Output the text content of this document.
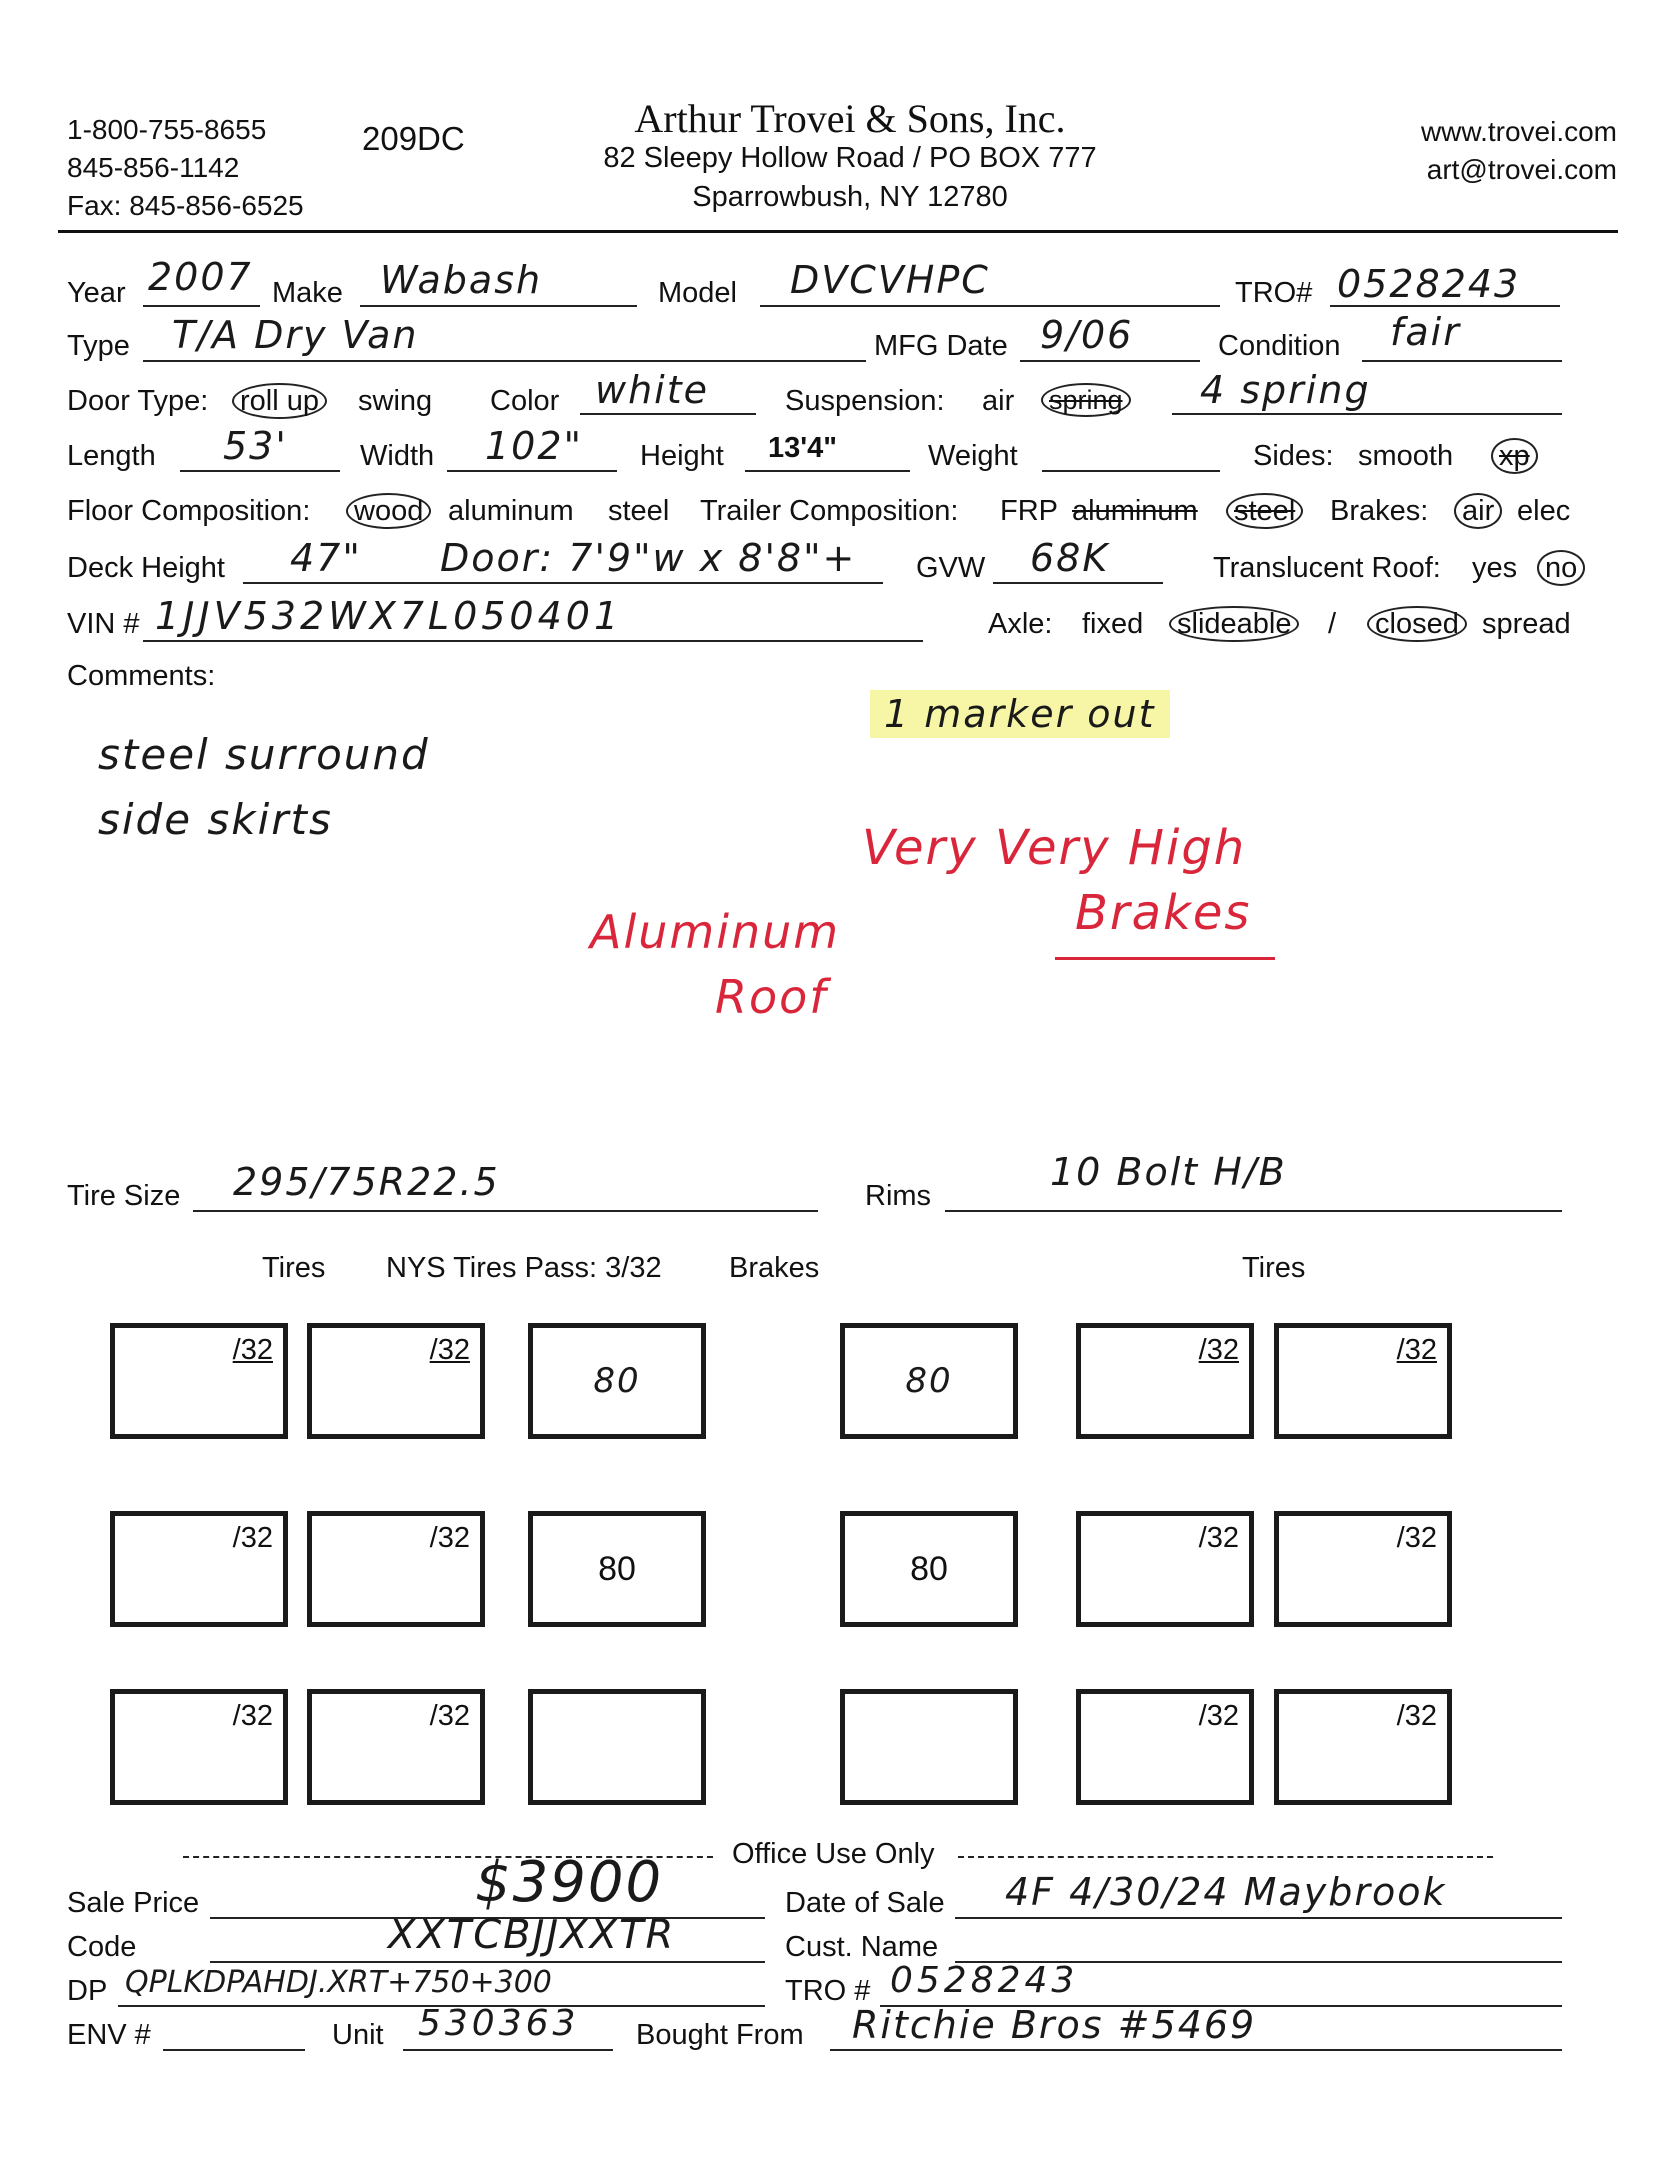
1-800-755-8655
845-856-1142
Fax: 845-856-6525
209DC	Arthur Trovei & Sons, Inc.
82 Sleepy Hollow Road / PO BOX 777
Sparrowbush, NY 12780
www.trovei.com
art@trovei.com
Year 2007 Make Wabash	Model DVCVHPC	TRO# 0528243
Type T/A Dry Van	MFG Date 9/06	Condition fair
Door Type: roll up swing Color white	Suspension: air spring 4 spring
Length 53' Width 102" Height 13'4"	Weight	Sides: smooth xp
Floor Composition: wood aluminum steel Trailer Composition: FRP aluminum steel Brakes: air elec
Deck Height 47" Door: 7'9"w x 8'8"+ GVW 68K	Translucent Roof: yes no
VIN # 1JJV532WX7L050401	Axle: fixed slideable / closed spread
Comments:
steel surround
side skirts
1 marker out
Very Very High
Brakes
Aluminum
Roof
Tire Size 295/75R22.5	Rims
10 Bolt H/B
Tires NYS Tires Pass: 3/32 Brakes	Tires
/32	/32
80	80
/32	/32
/32	/32
80	80
/32	/32
/32	/32	/32	/32
Office Use Only
Sale Price	$3900	Date of Sale 4F 4/30/24 Maybrook
Code	XXTCBJJXXTR	Cust. Name
DP QPLKDPAHDJ.XRT+750+300	TRO # 0528243
ENV #	Unit 530363 Bought From Ritchie Bros #5469
